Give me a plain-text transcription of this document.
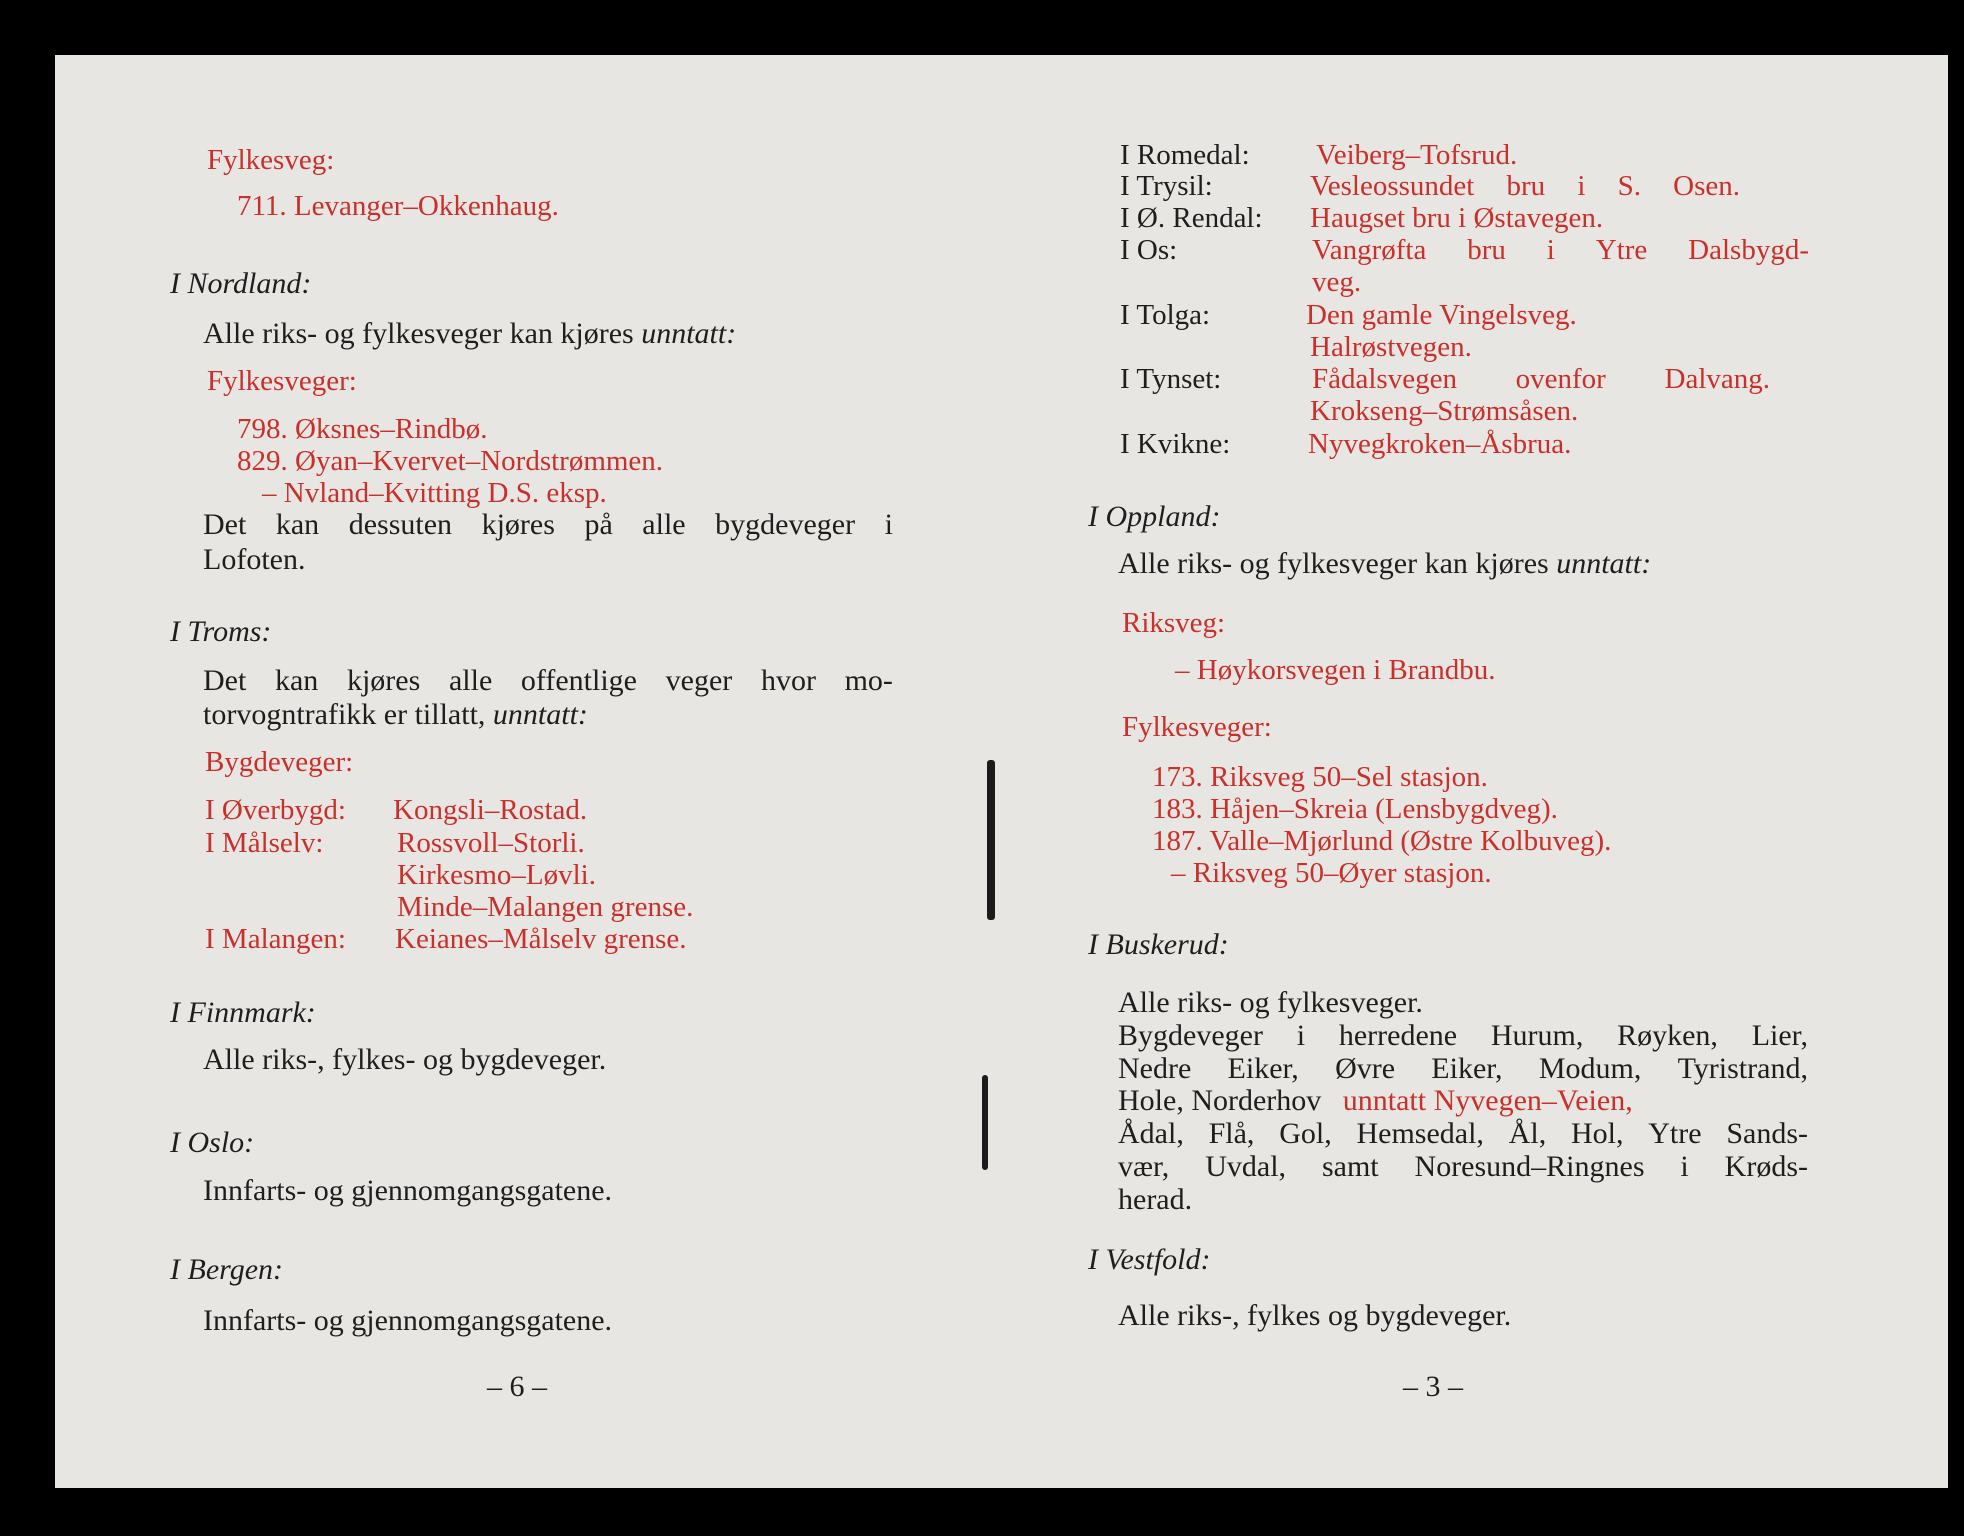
Fylkesveg:
711. Levanger–Okkenhaug.
I Nordland:
Alle riks- og fylkesveger kan kjøres unntatt:
Fylkesveger:
798. Øksnes–Rindbø.
829. Øyan–Kvervet–Nordstrømmen.
– Nvland–Kvitting D.S. eksp.
Det kan dessuten kjøres på alle bygdeveger i
Lofoten.
I Troms:
Det kan kjøres alle offentlige veger hvor mo-
torvogntrafikk er tillatt, unntatt:
Bygdeveger:
I Øverbygd: Kongsli–Rostad.
I Målselv:	Rossvoll–Storli.
Kirkesmo–Løvli.
Minde–Malangen grense.
I Malangen: Keianes–Målselv grense.
I Finnmark:
Alle riks-, fylkes- og bygdeveger.
I Oslo:
Innfarts- og gjennomgangsgatene.
I Bergen:
Innfarts- og gjennomgangsgatene.
– 6 –
I Romedal: Veiberg–Tofsrud.
I Trysil:	Vesleossundet bru i S. Osen.
I Ø. Rendal: Haugset bru i Østavegen.
I Os:	Vangrøfta bru i Ytre Dalsbygd-
veg.
I Tolga:	Den gamle Vingelsveg.
Halrøstvegen.
I Tynset:	Fådalsvegen ovenfor Dalvang.
Krokseng–Strømsåsen.
I Kvikne:	Nyvegkroken–Åsbrua.
I Oppland:
Alle riks- og fylkesveger kan kjøres unntatt:
Riksveg:
– Høykorsvegen i Brandbu.
Fylkesveger:
173. Riksveg 50–Sel stasjon.
183. Håjen–Skreia (Lensbygdveg).
187. Valle–Mjørlund (Østre Kolbuveg).
– Riksveg 50–Øyer stasjon.
I Buskerud:
Alle riks- og fylkesveger.
Bygdeveger i herredene Hurum, Røyken, Lier,
Nedre Eiker, Øvre Eiker, Modum, Tyristrand,
Hole, Norderhov unntatt Nyvegen–Veien,
Ådal, Flå, Gol, Hemsedal, Ål, Hol, Ytre Sands-
vær, Uvdal, samt Noresund–Ringnes i Krøds-
herad.
I Vestfold:
Alle riks-, fylkes og bygdeveger.
– 3 –
